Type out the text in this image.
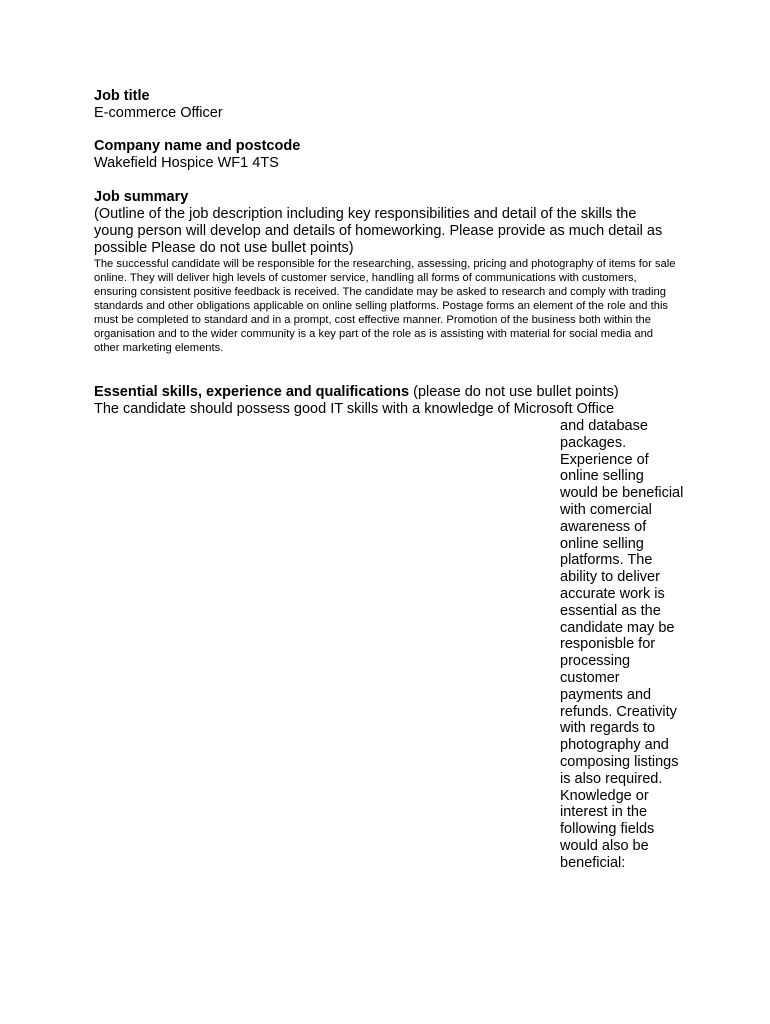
Job title

E-commerce Officer

Company name and postcode

Wakefield Hospice WF1 4TS

Job summary

(Outline of the job description including key responsibilities and detail of the skills the young person will develop and details of homeworking. Please provide as much detail as possible Please do not use bullet points)

The successful candidate will be responsible for the researching, assessing, pricing and photography of items for sale online. They will deliver high levels of customer service, handling all forms of communications with customers, ensuring consistent positive feedback is received. The candidate may be asked to research and comply with trading standards and other obligations applicable on online selling platforms. Postage forms an element of the role and this must be completed to standard and in a prompt, cost effective manner. Promotion of the business both within the organisation and to the wider community is a key part of the role as is assisting with material for social media and other marketing elements.

Essential skills, experience and qualifications (please do not use bullet points)

The candidate should possess good IT skills with a knowledge of Microsoft Office

and database packages. Experience of online selling would be beneficial with comercial awareness of online selling platforms. The ability to deliver accurate work is essential as the candidate may be responisble for processing customer payments and refunds. Creativity with regards to photography and composing listings is also required. Knowledge or interest in the following fields would also be beneficial:
